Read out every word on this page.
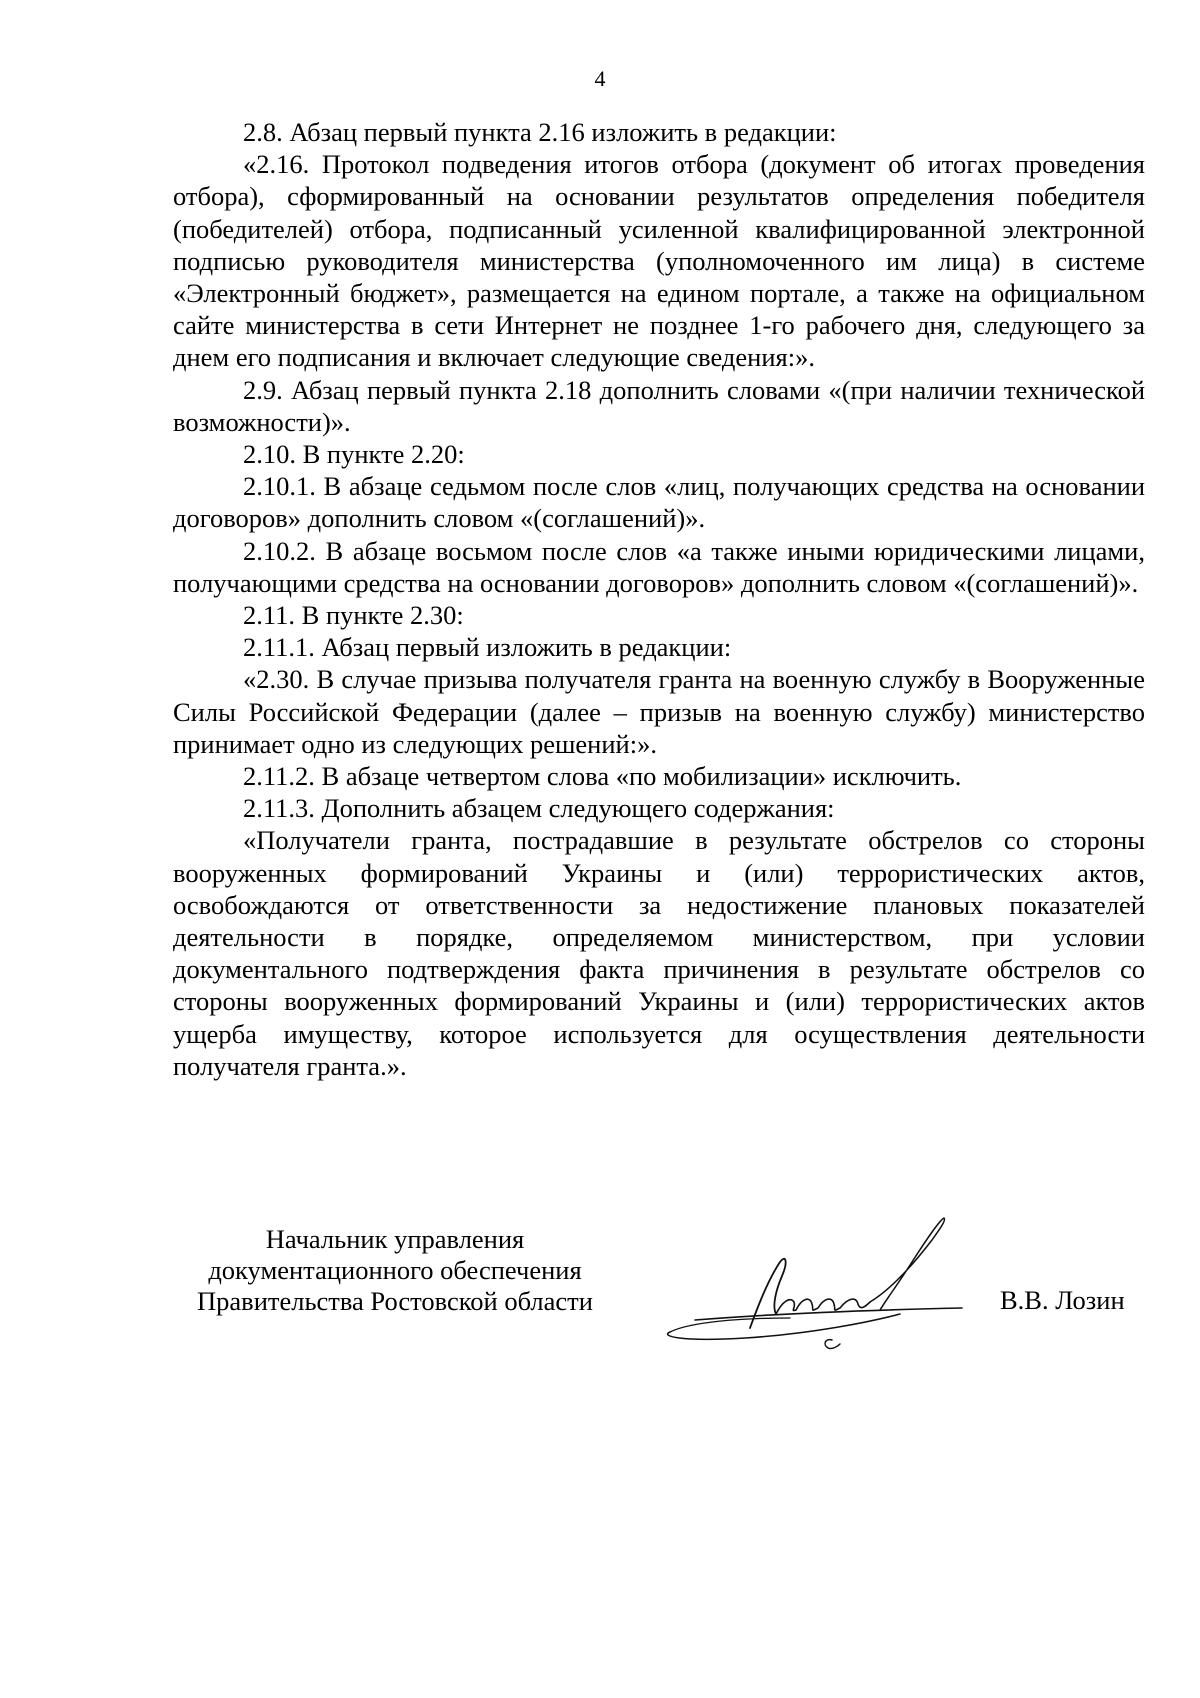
4

2.8. Абзац первый пункта 2.16 изложить в редакции:

«2.16. Протокол подведения итогов отбора (документ об итогах проведения отбора), сформированный на основании результатов определения победителя (победителей) отбора, подписанный усиленной квалифицированной электронной подписью руководителя министерства (уполномоченного им лица) в системе «Электронный бюджет», размещается на едином портале, а также на официальном сайте министерства в сети Интернет не позднее 1-го рабочего дня, следующего за днем его подписания и включает следующие сведения:».

2.9. Абзац первый пункта 2.18 дополнить словами «(при наличии технической возможности)».

2.10. В пункте 2.20:

2.10.1. В абзаце седьмом после слов «лиц, получающих средства на основании договоров» дополнить словом «(соглашений)».

2.10.2. В абзаце восьмом после слов «а также иными юридическими лицами, получающими средства на основании договоров» дополнить словом «(соглашений)».

2.11. В пункте 2.30:

2.11.1. Абзац первый изложить в редакции:

«2.30. В случае призыва получателя гранта на военную службу в Вооруженные Силы Российской Федерации (далее – призыв на военную службу) министерство принимает одно из следующих решений:».

2.11.2. В абзаце четвертом слова «по мобилизации» исключить.

2.11.3. Дополнить абзацем следующего содержания:

«Получатели гранта, пострадавшие в результате обстрелов со стороны вооруженных формирований Украины и (или) террористических актов, освобождаются от ответственности за недостижение плановых показателей деятельности в порядке, определяемом министерством, при условии документального подтверждения факта причинения в результате обстрелов со стороны вооруженных формирований Украины и (или) террористических актов ущерба имуществу, которое используется для осуществления деятельности получателя гранта.».

Начальник управления
документационного обеспечения
Правительства Ростовской области	В.В. Лозин
